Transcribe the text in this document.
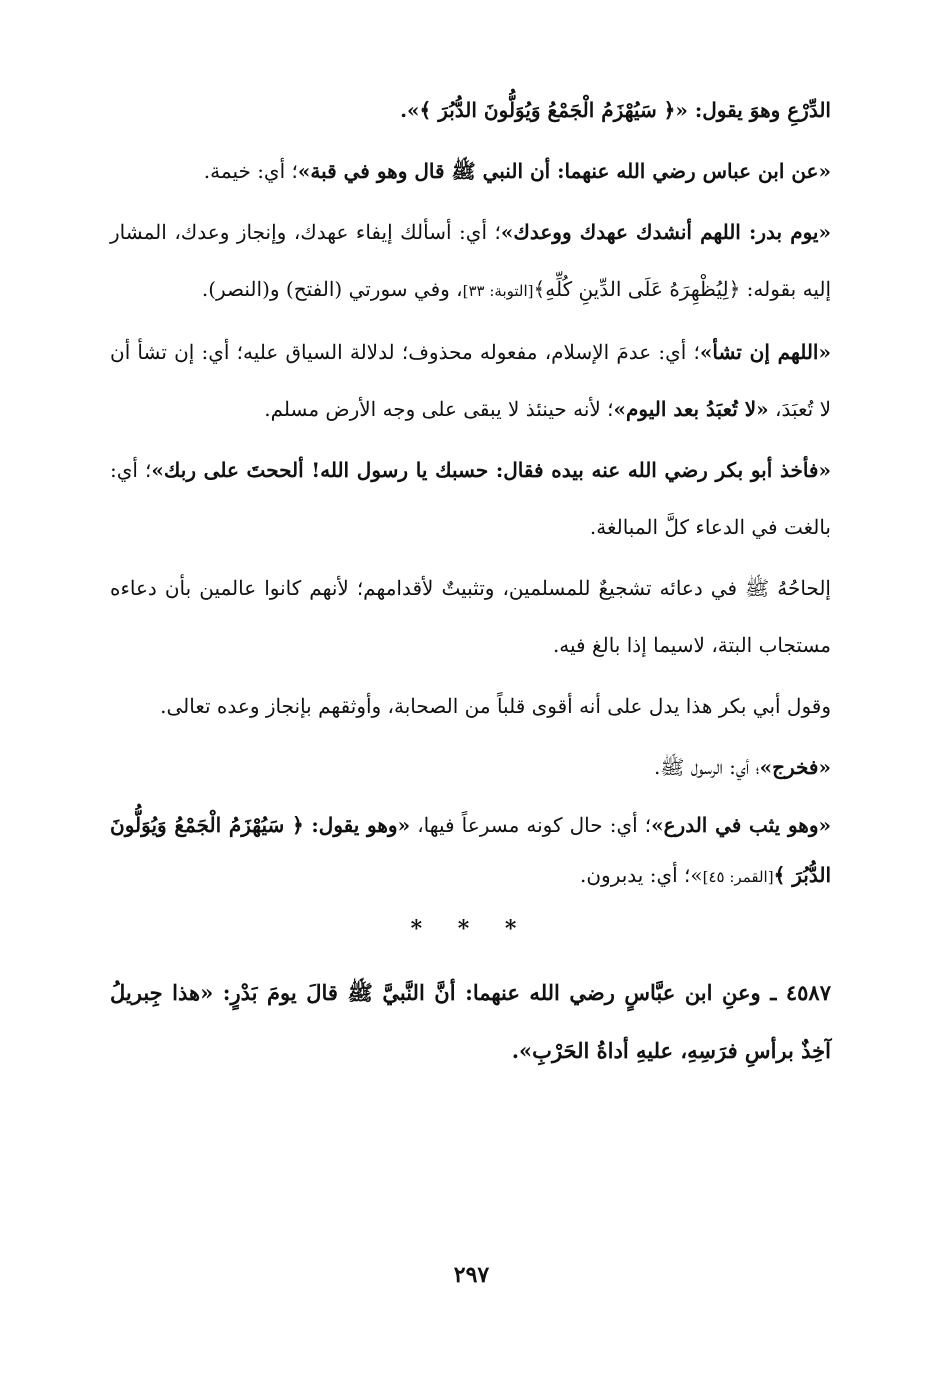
الدِّرْعِ وهوَ يقول: «﴿ سَيُهْزَمُ الْجَمْعُ وَيُوَلُّونَ الدُّبُرَ ﴾».

«عن ابن عباس رضي الله عنهما: أن النبي ﷺ قال وهو في قبة»؛ أي: خيمة.

«يوم بدر: اللهم أنشدك عهدك ووعدك»؛ أي: أسألك إيفاء عهدك، وإنجاز وعدك، المشار إليه بقوله: ﴿لِيُظْهِرَهُ عَلَى الدِّينِ كُلِّهِ﴾[التوبة: ٣٣]، وفي سورتي (الفتح) و(النصر).

«اللهم إن تشأ»؛ أي: عدمَ الإسلام، مفعوله محذوف؛ لدلالة السياق عليه؛ أي: إن تشأ أن لا تُعبَدَ، «لا تُعبَدُ بعد اليوم»؛ لأنه حينئذ لا يبقى على وجه الأرض مسلم.

«فأخذ أبو بكر رضي الله عنه بيده فقال: حسبك يا رسول الله! ألححتَ على ربك»؛ أي: بالغت في الدعاء كلَّ المبالغة.

إلحاحُهُ ﷺ في دعائه تشجيعٌ للمسلمين، وتثبيتٌ لأقدامهم؛ لأنهم كانوا عالمين بأن دعاءه مستجاب البتة، لاسيما إذا بالغ فيه.

وقول أبي بكر هذا يدل على أنه أقوى قلباً من الصحابة، وأوثقهم بإنجاز وعده تعالى.

«فخرج»؛ أي: الرسول ﷺ.

«وهو يثب في الدرع»؛ أي: حال كونه مسرعاً فيها، «وهو يقول: ﴿ سَيُهْزَمُ الْجَمْعُ وَيُوَلُّونَ الدُّبُرَ ﴾[القمر: ٤٥]»؛ أي: يدبرون.

* * *

٤٥٨٧ ـ وعنِ ابن عبَّاسٍ رضي الله عنهما: أنَّ النَّبيَّ ﷺ قالَ يومَ بَدْرٍ: «هذا جِبريلُ آخِذٌ برأسِ فرَسِهِ، عليهِ أداةُ الحَرْبِ».

٢٩٧
